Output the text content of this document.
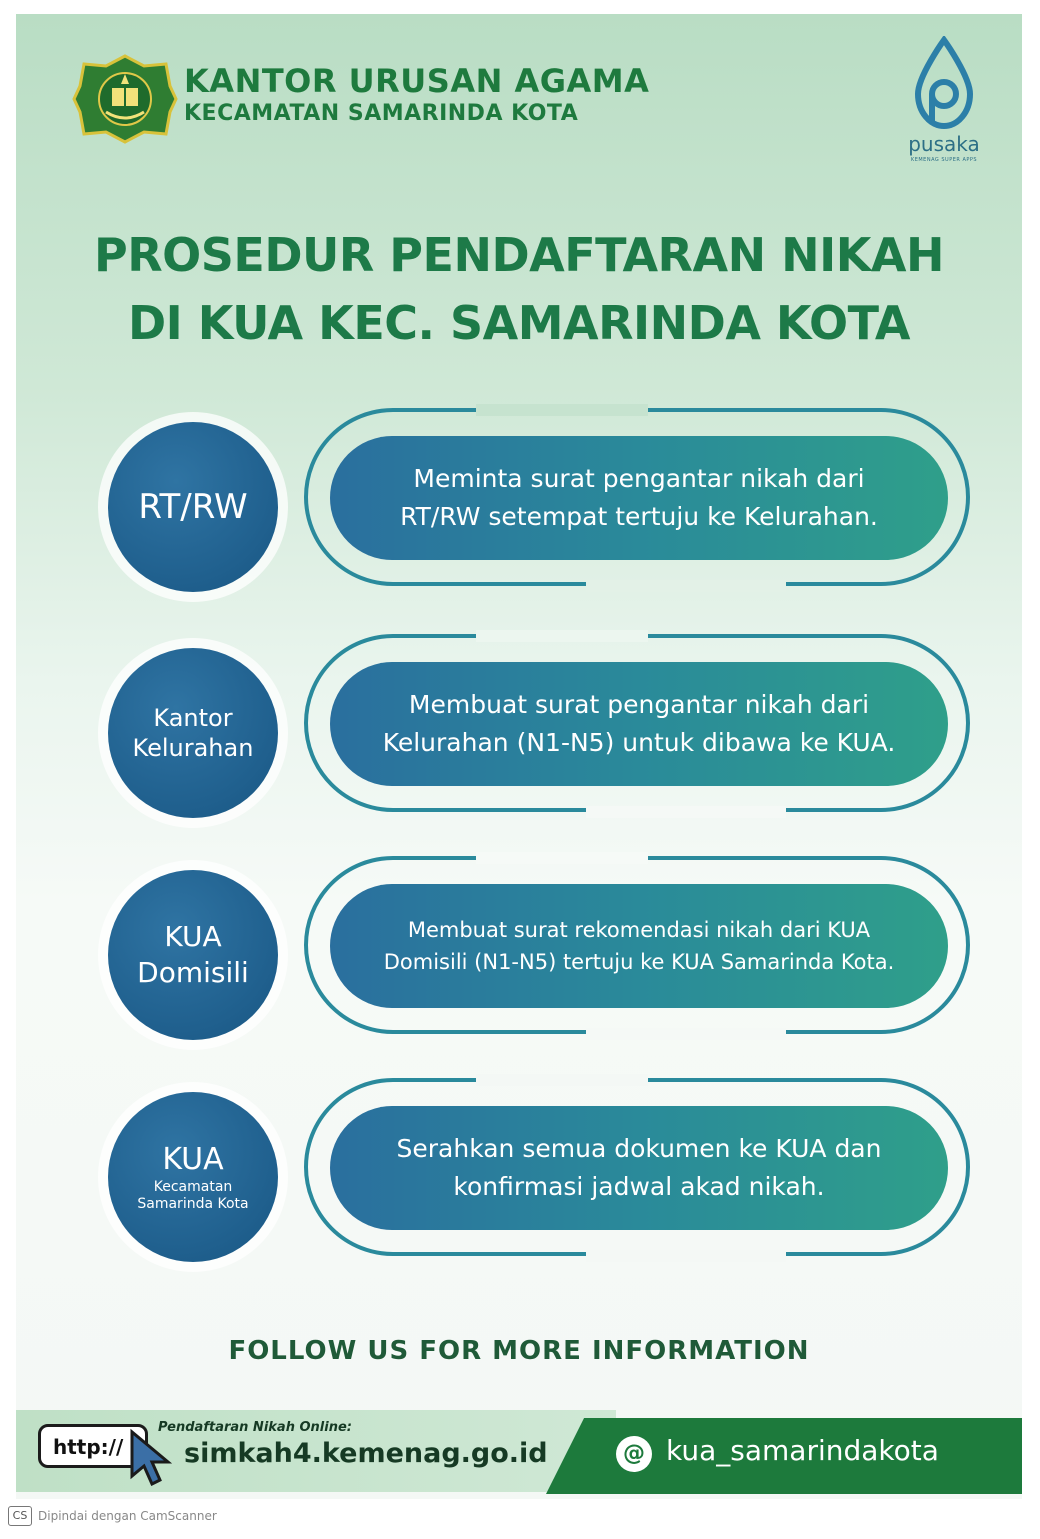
KANTOR URUSAN AGAMA
KECAMATAN SAMARINDA KOTA
pusaka
KEMENAG SUPER APPS
PROSEDUR PENDAFTARAN NIKAH
DI KUA KEC. SAMARINDA KOTA
RT/RW
Meminta surat pengantar nikah dari
RT/RW setempat tertuju ke Kelurahan.
Kantor
Kelurahan
Membuat surat pengantar nikah dari
Kelurahan (N1-N5) untuk dibawa ke KUA.
KUA
Domisili
Membuat surat rekomendasi nikah dari KUA
Domisili (N1-N5) tertuju ke KUA Samarinda Kota.
KUA
Kecamatan
Samarinda Kota
Serahkan semua dokumen ke KUA dan
konfirmasi jadwal akad nikah.
FOLLOW US FOR MORE INFORMATION
http://
Pendaftaran Nikah Online:
simkah4.kemenag.go.id	@ kua_samarindakota
CS Dipindai dengan CamScanner
